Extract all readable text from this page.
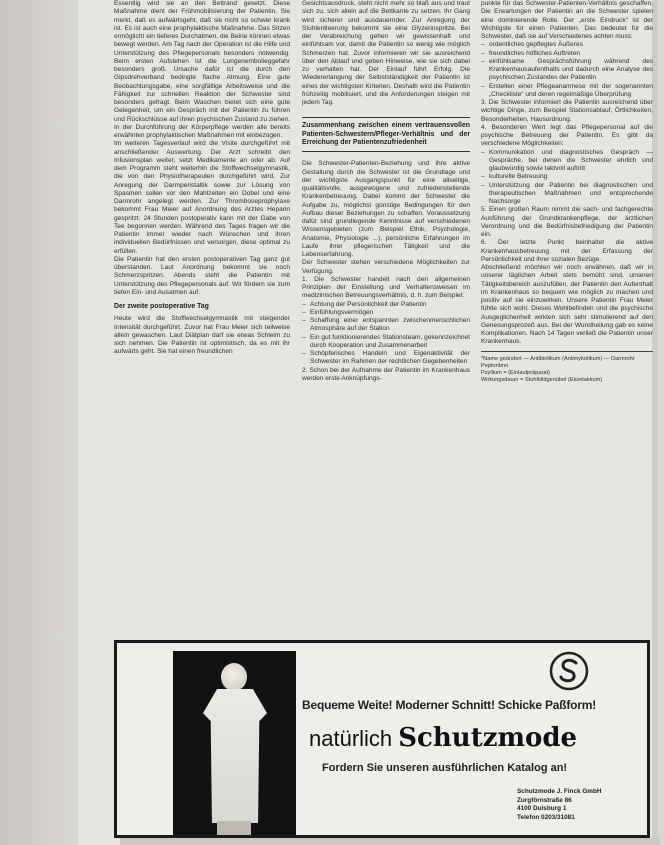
Essentlig wird sie an den Bettrand gesetzt. Diese Maßnahme dient der Frühmobilisierung der Patientin. Sie merkt, daß es aufwärtsgeht, daß sie nicht so schwer krank ist. Es ist auch eine prophylaktische Maßnahme. Das Sitzen ermöglicht ein tieferes Durchatmen, die Beine können etwas bewegt werden. Am Tag nach der Operation ist die Hilfe und Unterstützung des Pflegepersonals besonders notwendig. Beim ersten Aufstehen ist die Lungenembolieggefahr besonders groß. Ursache dafür ist die durch den Gipsdrehverband bedingte flache Atmung. Eine gute Beobachtungsgabe, eine sorgfältige Arbeitsweise und die Fähigkeit zur schnellen Reaktion der Schwester sind besonders gefragt. Beim Waschen bietet sich eine gute Gelegenheit, um ein Gespräch mit der Patientin zu führen und Rückschlüsse auf ihren psychischen Zustand zu ziehen. In der Durchführung der Körperpflege werden alle bereits erwähnten prophylaktischen Maßnahmen mit einbezogen.

Im weiteren Tagesverlauf wird die Visite durchgeführt mit anschließender Auswertung. Der Arzt schreibt den Infusionsplan weiter, setzt Medikamente an oder ab. Auf dem Programm steht weiterhin die Stoffwechselgymnastik, die von den Physiotherapeuten durchgeführt wird. Zur Anregung der Darmperistaltik sowie zur Lösung von Spasmen sollen vor den Mahlzeiten ein Dobel und eine Darmrohr angelegt werden. Zur Thromboseprophylaxe bekommt Frau Meier auf Anordnung des Arztes Heparin gespritzt. 24 Stunden postoperativ kann mit der Gabe von Tee begonnen werden. Während des Tages fragen wir die Patientin immer wieder nach Wünschen und ihren individuellen Bedürfnissen und versorgen, diese optimal zu erfüllen.

Die Patientin hat den ersten postoperativen Tag ganz gut überstanden. Laut Anordnung bekommt sie noch Schmerzspritzen. Abends steht die Patientin mit Unterstützung des Pflegepersonals auf. Wir fördern sie zum tiefen Ein- und Ausatmen auf.

Der zweite postoperative Tag

Heute wird die Stoffwechselgymnastik mit steigender Intensität durchgeführt. Zuvor hat Frau Meier sich teilweise allein gewaschen. Laut Diätplan darf sie etwas Schleim zu sich nehmen. Die Patientin ist optimistisch, da es mit ihr aufwärts geht. Sie hat einen freundlichen

Gesichtsausdruck, steht nicht mehr so blaß aus und traut sich zu, sich allein auf die Bettkante zu setzen. Ihr Gang wird sicherer und ausdauernder. Zur Anregung der Stuhlentleerung bekommt sie eine Glyzerinspritze. Bei der Verabreichung gehen wir gewissenhaft und einfühlsam vor, damit die Patientin so wenig wie möglich Schmerzen hat. Zuvor informieren wir sie ausreichend über den Ablauf und geben Hinweise, wie sie sich dabei zu verhalten hat. Der Einlauf führt Erfolg. Die Wiedererlangung der Selbstständigkeit der Patientin ist eines der wichtigsten Kriterien. Deshalb wird die Patientin frühzeitig mobilisiert, und die Anforderungen steigen mit jedem Tag.

Zusammenhang zwischen einem vertrauensvollen Patienten-Schwestern/Pfleger-Verhältnis und der Erreichung der Patientenzufriedenheit

Die Schwester-Patienten-Beziehung und ihre aktive Gestaltung durch die Schwester ist die Grundlage und der wichtigste Ausgangspunkt für eine allseitige, qualitätsvolle, ausgewogene und zufriedenstellende Krankenbetreuung. Dabei kommt der Schwester die Aufgabe zu, möglichst günstige Bedingungen für den Aufbau dieser Beziehungen zu schaffen. Voraussetzung dafür sind grundlegende Kenntnisse auf verschiedenen Wissensgebieten (zum Beispiel Ethik, Psychologie, Anatomie, Physiologie ...), persönliche Erfahrungen im Laufe ihrer pflegerischen Tätigkeit und die Lebenserfahrung.

Der Schwester stehen verschiedene Möglichkeiten zur Verfügung.

1. Die Schwester handelt nach den allgemeinen Prinzipien der Einstellung und Verhaltensweisen im medizinischen Betreuungsverhältnis, d. h. zum Beispiel:

– Achtung der Persönlichkeit der Patientin
– Einfühlungsvermögen
– Schaffung einer entspannten zwischenmenschlichen Atmosphäre auf der Station
– Ein gut funktionierendes Stationsteam, gekennzeichnet durch Kooperation und Zusammenarbeit
– Schöpferisches Handeln und Eigenaktivität der Schwester im Rahmen der rechtlichen Gegebenheiten

2. Schon bei der Aufnahme der Patientin im Krankenhaus werden erste Anknüpfungs-

punkte für das Schwester-Patienten-Verhältnis geschaffen. Die Erwartungen der Patientin an die Schwester spielen eine dominierende Rolle. Der „erste Eindruck“ ist der Wichtigste für einen Patienten. Das bedeutet für die Schwester, daß sie auf Verschiedenes achten muss:

– ordentliches gepflegtes Äußeres
– freundliches höfliches Auftreten
– einfühlsame Gesprächsführung während des Krankenhausaufenthalts und dadurch eine Analyse des psychischen Zustandes der Patientin
– Erstellen einer Pflegeanamnese mit der sogenannten „Checkliste“ und deren regelmäßige Überprüfung

3. Die Schwester informiert die Patientin ausreichend über wichtige Dinge, zum Beispiel Stationsablauf, Örtlichkeiten, Besonderheiten, Hausordnung.

4. Besonderen Wert legt das Pflegepersonal auf die psychische Betreuung der Patientin. Es gibt da verschiedene Möglichkeiten:

– Kommunikation und diagnostisches Gespräch — Gespräche, bei denen die Schwester ehrlich und glaubwürdig sowie taktvoll auftritt
– kulturelle Betreuung
– Unterstützung der Patientin bei diagnostischen und therapeutischen Maßnahmen und entsprechende Nachsorge

5. Einen großen Raum nimmt die sach- und fachgerechte Ausführung der Grundkrankenpflege, der ärztlichen Verordnung und die Bedürfnisbefriedigung der Patientin ein.

6. Der letzte Punkt beinhaltet die aktive Krankenhausbetreuung mit der Erfassung der Persönlichkeit und ihrer sozialen Bezüge.

Abschließend möchten wir noch erwähnen, daß wir in unserer täglichen Arbeit stets bemüht sind, unseren Tätigkeitsbereich auszufüllen, der Patientin den Aufenthalt im Krankenhaus so bequem wie möglich zu machen und positiv auf sie einzuwirken. Unsere Patientin Frau Meier fühlte sich wohl. Dieses Wohlbefinden und die psychische Ausgeglichenheit wirkten sich sehr stimulierend auf den Genesungsprozeß aus. Bei der Wundheilung gab es keine Komplikationen. Nach 14 Tagen verließ die Patientin unser Krankenhaus.

*Name geändert — Antibiotikum (Antimykotikum) — Darmrohr

Peptonbrei

Psyllium = (Einlaufpräparat)

Wirkungsdauer = Stuhlbildgenübel (Ekzetakkum)

Bequeme Weite! Moderner Schnitt! Schicke Paßform!
natürlich Schutzmode
Fordern Sie unseren ausführlichen Katalog an!

Schutzmode J. Finck GmbH

Zurgförnstraße 86

4100 Duisburg 1

Telefon 0203/31081
